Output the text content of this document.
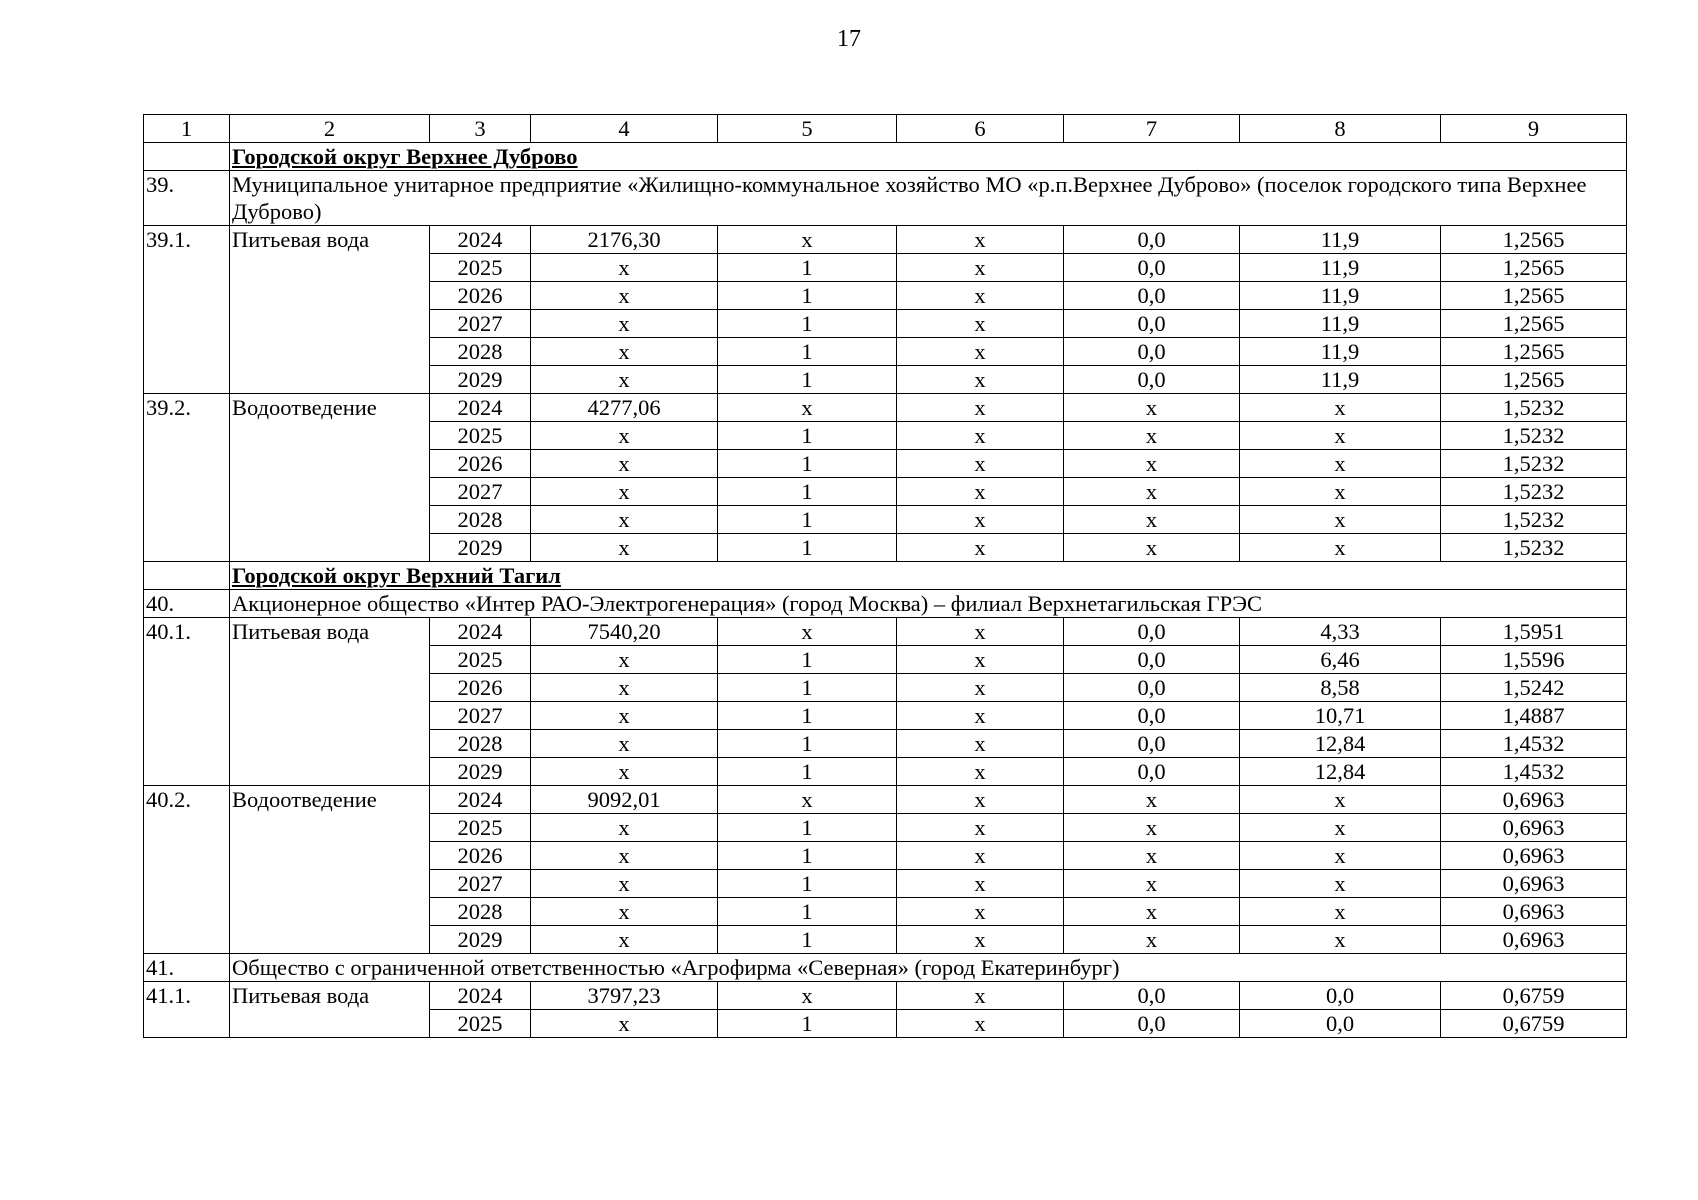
17
1	2	3	4	5	6	7	8	9
	Городской округ Верхнее Дуброво							
39.	Муниципальное унитарное предприятие «Жилищно-коммунальное хозяйство МО «р.п.Верхнее Дуброво» (поселок городского типа Верхнее Дуброво)							
39.1.	Питьевая вода	2024	2176,30	x	x	0,0	11,9	1,2565
		2025	x	1	x	0,0	11,9	1,2565
		2026	x	1	x	0,0	11,9	1,2565
		2027	x	1	x	0,0	11,9	1,2565
		2028	x	1	x	0,0	11,9	1,2565
		2029	x	1	x	0,0	11,9	1,2565
39.2.	Водоотведение	2024	4277,06	x	x	x	x	1,5232
		2025	x	1	x	x	x	1,5232
		2026	x	1	x	x	x	1,5232
		2027	x	1	x	x	x	1,5232
		2028	x	1	x	x	x	1,5232
		2029	x	1	x	x	x	1,5232
	Городской округ Верхний Тагил							
40.	Акционерное общество «Интер РАО-Электрогенерация» (город Москва) – филиал Верхнетагильская ГРЭС							
40.1.	Питьевая вода	2024	7540,20	x	x	0,0	4,33	1,5951
		2025	x	1	x	0,0	6,46	1,5596
		2026	x	1	x	0,0	8,58	1,5242
		2027	x	1	x	0,0	10,71	1,4887
		2028	x	1	x	0,0	12,84	1,4532
		2029	x	1	x	0,0	12,84	1,4532
40.2.	Водоотведение	2024	9092,01	x	x	x	x	0,6963
		2025	x	1	x	x	x	0,6963
		2026	x	1	x	x	x	0,6963
		2027	x	1	x	x	x	0,6963
		2028	x	1	x	x	x	0,6963
		2029	x	1	x	x	x	0,6963
41.	Общество с ограниченной ответственностью «Агрофирма «Северная» (город Екатеринбург)							
41.1.	Питьевая вода	2024	3797,23	x	x	0,0	0,0	0,6759
		2025	x	1	x	0,0	0,0	0,6759
